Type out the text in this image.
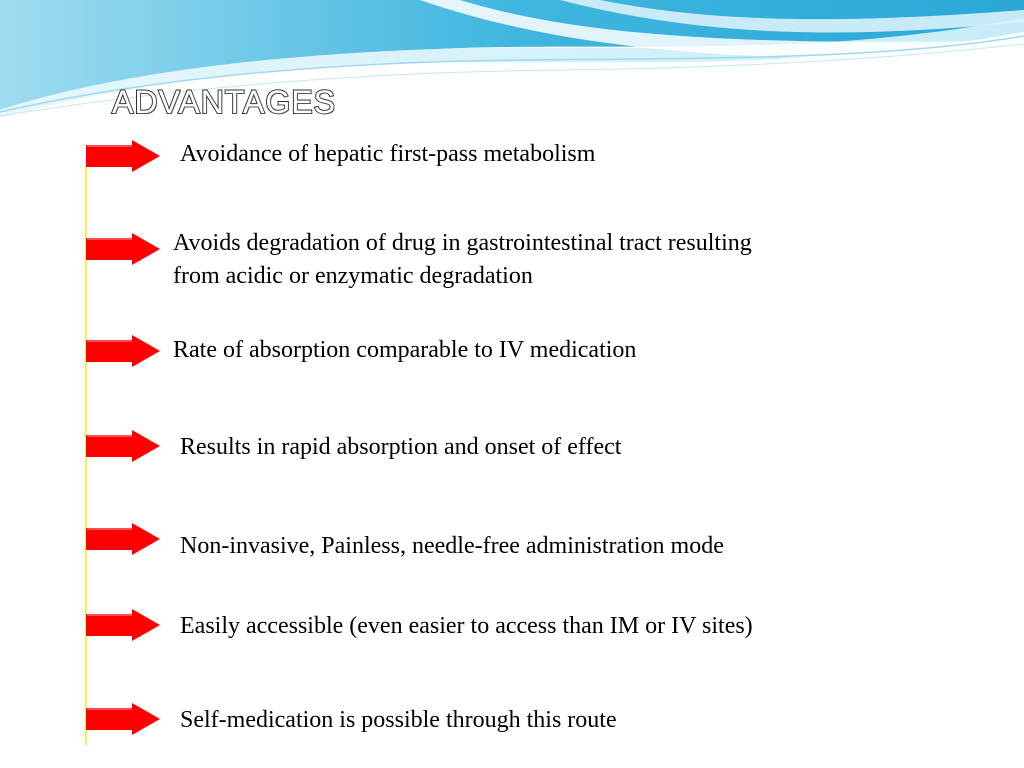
ADVANTAGES
Avoidance of hepatic first-pass metabolism
Avoids degradation of drug in gastrointestinal tract resulting
from acidic or enzymatic degradation
Rate of absorption comparable to IV medication
Results in rapid absorption and onset of effect
Non-invasive, Painless, needle-free administration mode
Easily accessible (even easier to access than IM or IV sites)
Self-medication is possible through this route
